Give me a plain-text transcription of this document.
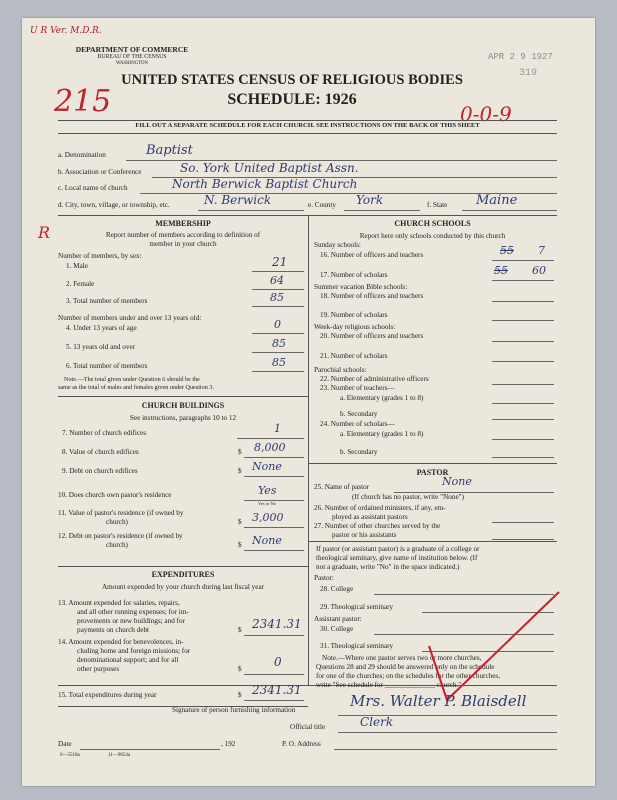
U R Ver. M.D.R.
APR 2 9 1927
319
215	0-0-9
R
DEPARTMENT OF COMMERCE
BUREAU OF THE CENSUS
WASHINGTON
UNITED STATES CENSUS OF RELIGIOUS BODIES
SCHEDULE: 1926
FILL OUT A SEPARATE SCHEDULE FOR EACH CHURCH. SEE INSTRUCTIONS ON THE BACK OF THIS SHEET
a. Denomination	Baptist
b. Association or Conference	So. York United Baptist Assn.
c. Local name of church	North Berwick Baptist Church
d. City, town, village, or township, etc.	N. Berwick	e. County York	f. State Maine
MEMBERSHIP
Report number of members according to definition of
member in your church
Number of members, by sex:
1. Male	21
2. Female	64
3. Total number of members	85
Number of members under and over 13 years old:
4. Under 13 years of age	0
5. 13 years old and over	85
6. Total number of members	85
Note.—The total given under Question 6 should be the
same as the total of males and females given under Question 3.
CHURCH BUILDINGS
See instructions, paragraphs 10 to 12
7. Number of church edifices	1
8. Value of church edifices	$ 8,000
9. Debt on church edifices	$ None
10. Does church own pastor's residence	Yes
Yes or No
11. Value of pastor's residence (if owned by
church)	$ 3,000
12. Debt on pastor's residence (if owned by
church)	$ None
EXPENDITURES
Amount expended by your church during last fiscal year
13. Amount expended for salaries, repairs,
and all other running expenses; for im-
provements or new buildings; and for
payments on church debt	$ 2341.31
14. Amount expended for benevolences, in-
cluding home and foreign missions; for
denominational support; and for all
other purposes	$	0
15. Total expenditures during year	$ 2341.31
CHURCH SCHOOLS
Report here only schools conducted by this church
Sunday schools:
16. Number of officers and teachers	55 7
17. Number of scholars	55 60
Summer vacation Bible schools:
18. Number of officers and teachers
19. Number of scholars
Week-day religious schools:
20. Number of officers and teachers
21. Number of scholars
Parochial schools:
22. Number of administrative officers
23. Number of teachers—
a. Elementary (grades 1 to 8)
b. Secondary
24. Number of scholars—
a. Elementary (grades 1 to 8)
b. Secondary
PASTOR
25. Name of pastor	None
(If church has no pastor, write "None")
26. Number of ordained ministers, if any, em-
ployed as assistant pastors
27. Number of other churches served by the
pastor or his assistants
If pastor (or assistant pastor) is a graduate of a college or
theological seminary, give name of institution below. (If
not a graduate, write "No" in the space indicated.)
Pastor:
28. College
29. Theological seminary
Assistant pastor:
30. College
31. Theological seminary
Note.—Where one pastor serves two or more churches,
Questions 28 and 29 should be answered only on the schedule
for one of the churches; on the schedules for the other churches,
write "See schedule for ______________ church."
Signature of person furnishing information	Mrs. Walter P. Blaisdell
Official title	Clerk
Date	, 192	P. O. Address
6—5518a	11—9054a
